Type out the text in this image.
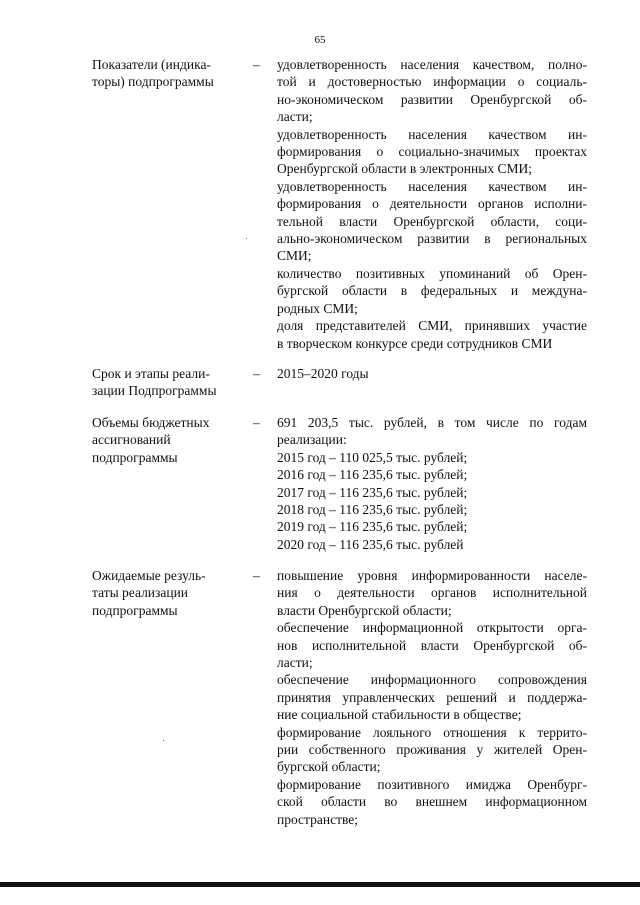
65
Показатели (индика-
торы) подпрограммы
– удовлетворенность населения качеством, полно-
той и достоверностью информации о социаль-
но-экономическом развитии Оренбургской об-
ласти;
удовлетворенность населения качеством ин-
формирования о социально-значимых проектах
Оренбургской области в электронных СМИ;
удовлетворенность населения качеством ин-
формирования о деятельности органов исполни-
тельной власти Оренбургской области, соци-
ально-экономическом развитии в региональных
СМИ;
количество позитивных упоминаний об Орен-
бургской области в федеральных и междуна-
родных СМИ;
доля представителей СМИ, принявших участие
в творческом конкурсе среди сотрудников СМИ
Срок и этапы реали-
зации Подпрограммы
– 2015–2020 годы
Объемы бюджетных
ассигнований
подпрограммы
– 691 203,5 тыс. рублей, в том числе по годам
реализации:
2015 год – 110 025,5 тыс. рублей;
2016 год – 116 235,6 тыс. рублей;
2017 год – 116 235,6 тыс. рублей;
2018 год – 116 235,6 тыс. рублей;
2019 год – 116 235,6 тыс. рублей;
2020 год – 116 235,6 тыс. рублей
Ожидаемые резуль-
таты реализации
подпрограммы
– повышение уровня информированности населе-
ния о деятельности органов исполнительной
власти Оренбургской области;
обеспечение информационной открытости орга-
нов исполнительной власти Оренбургской об-
ласти;
обеспечение информационного сопровождения
принятия управленческих решений и поддержа-
ние социальной стабильности в обществе;
формирование лояльного отношения к террито-
рии собственного проживания у жителей Орен-
бургской области;
формирование позитивного имиджа Оренбург-
ской области во внешнем информационном
пространстве;
